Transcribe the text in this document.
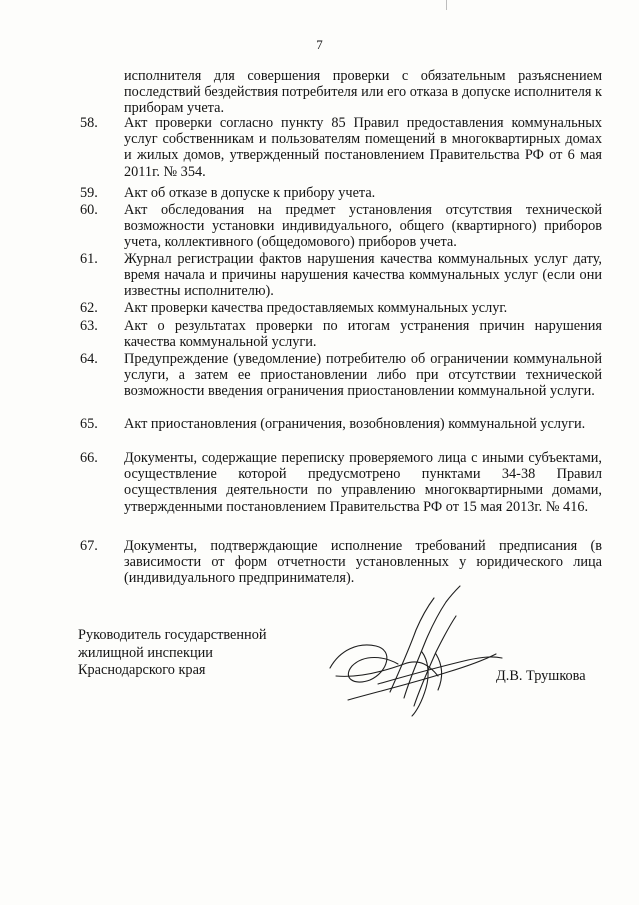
7
исполнителя для совершения проверки с обязательным разъяснением последствий бездействия потребителя или его отказа в допуске исполнителя к приборам учета.
58.	Акт проверки согласно пункту 85 Правил предоставления коммунальных услуг собственникам и пользователям помещений в многоквартирных домах и жилых домов, утвержденный постановлением Правительства РФ от 6 мая 2011г. № 354.
59.	Акт об отказе в допуске к прибору учета.
60.	Акт обследования на предмет установления отсутствия технической возможности установки индивидуального, общего (квартирного) приборов учета, коллективного (общедомового) приборов учета.
61.	Журнал регистрации фактов нарушения качества коммунальных услуг дату, время начала и причины нарушения качества коммунальных услуг (если они известны исполнителю).
62.	Акт проверки качества предоставляемых коммунальных услуг.
63.	Акт о результатах проверки по итогам устранения причин нарушения качества коммунальной услуги.
64.	Предупреждение (уведомление) потребителю об ограничении коммунальной услуги, а затем ее приостановлении либо при отсутствии технической возможности введения ограничения приостановлении коммунальной услуги.
65.	Акт приостановления (ограничения, возобновления) коммунальной услуги.
66.	Документы, содержащие переписку проверяемого лица с иными субъектами, осуществление которой предусмотрено пунктами 34-38 Правил осуществления деятельности по управлению многоквартирными домами, утвержденными постановлением Правительства РФ от 15 мая 2013г. № 416.
67.	Документы, подтверждающие исполнение требований предписания (в зависимости от форм отчетности установленных у юридического лица (индивидуального предпринимателя).
Руководитель государственной
жилищной инспекции
Краснодарского края	Д.В. Трушкова
